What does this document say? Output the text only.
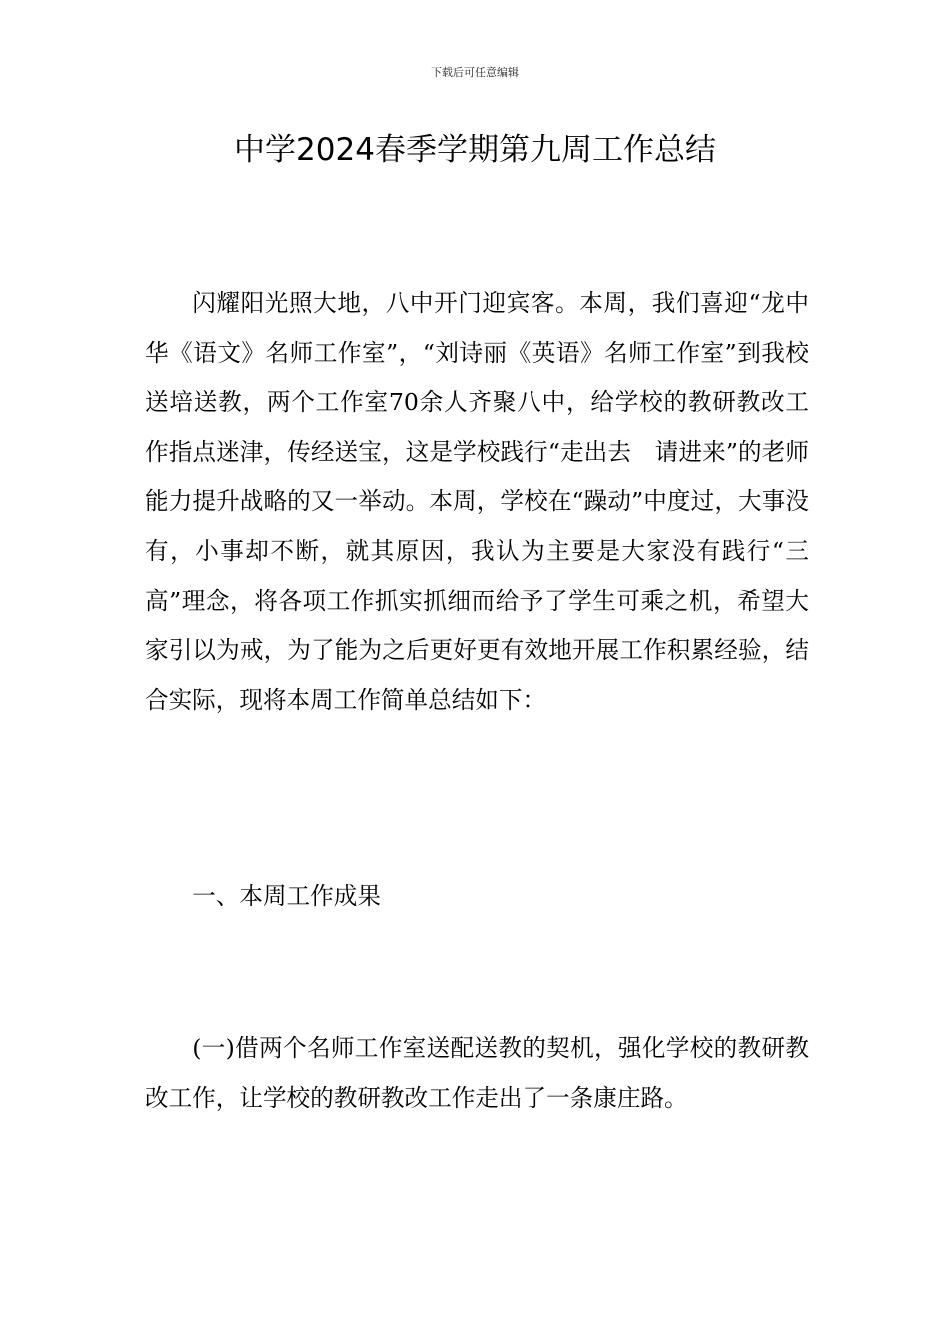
下载后可任意编辑
中学2024春季学期第九周工作总结

闪耀阳光照大地，八中开门迎宾客。本周，我们喜迎“龙中华《语文》名师工作室”，“刘诗丽《英语》名师工作室”到我校送培送教，两个工作室70余人齐聚八中，给学校的教研教改工作指点迷津，传经送宝，这是学校践行“走出去　请进来”的老师能力提升战略的又一举动。本周，学校在“躁动”中度过，大事没有，小事却不断，就其原因，我认为主要是大家没有践行“三高”理念，将各项工作抓实抓细而给予了学生可乘之机，希望大家引以为戒，为了能为之后更好更有效地开展工作积累经验，结合实际，现将本周工作简单总结如下：

一、本周工作成果

(一)借两个名师工作室送配送教的契机，强化学校的教研教改工作，让学校的教研教改工作走出了一条康庄路。
